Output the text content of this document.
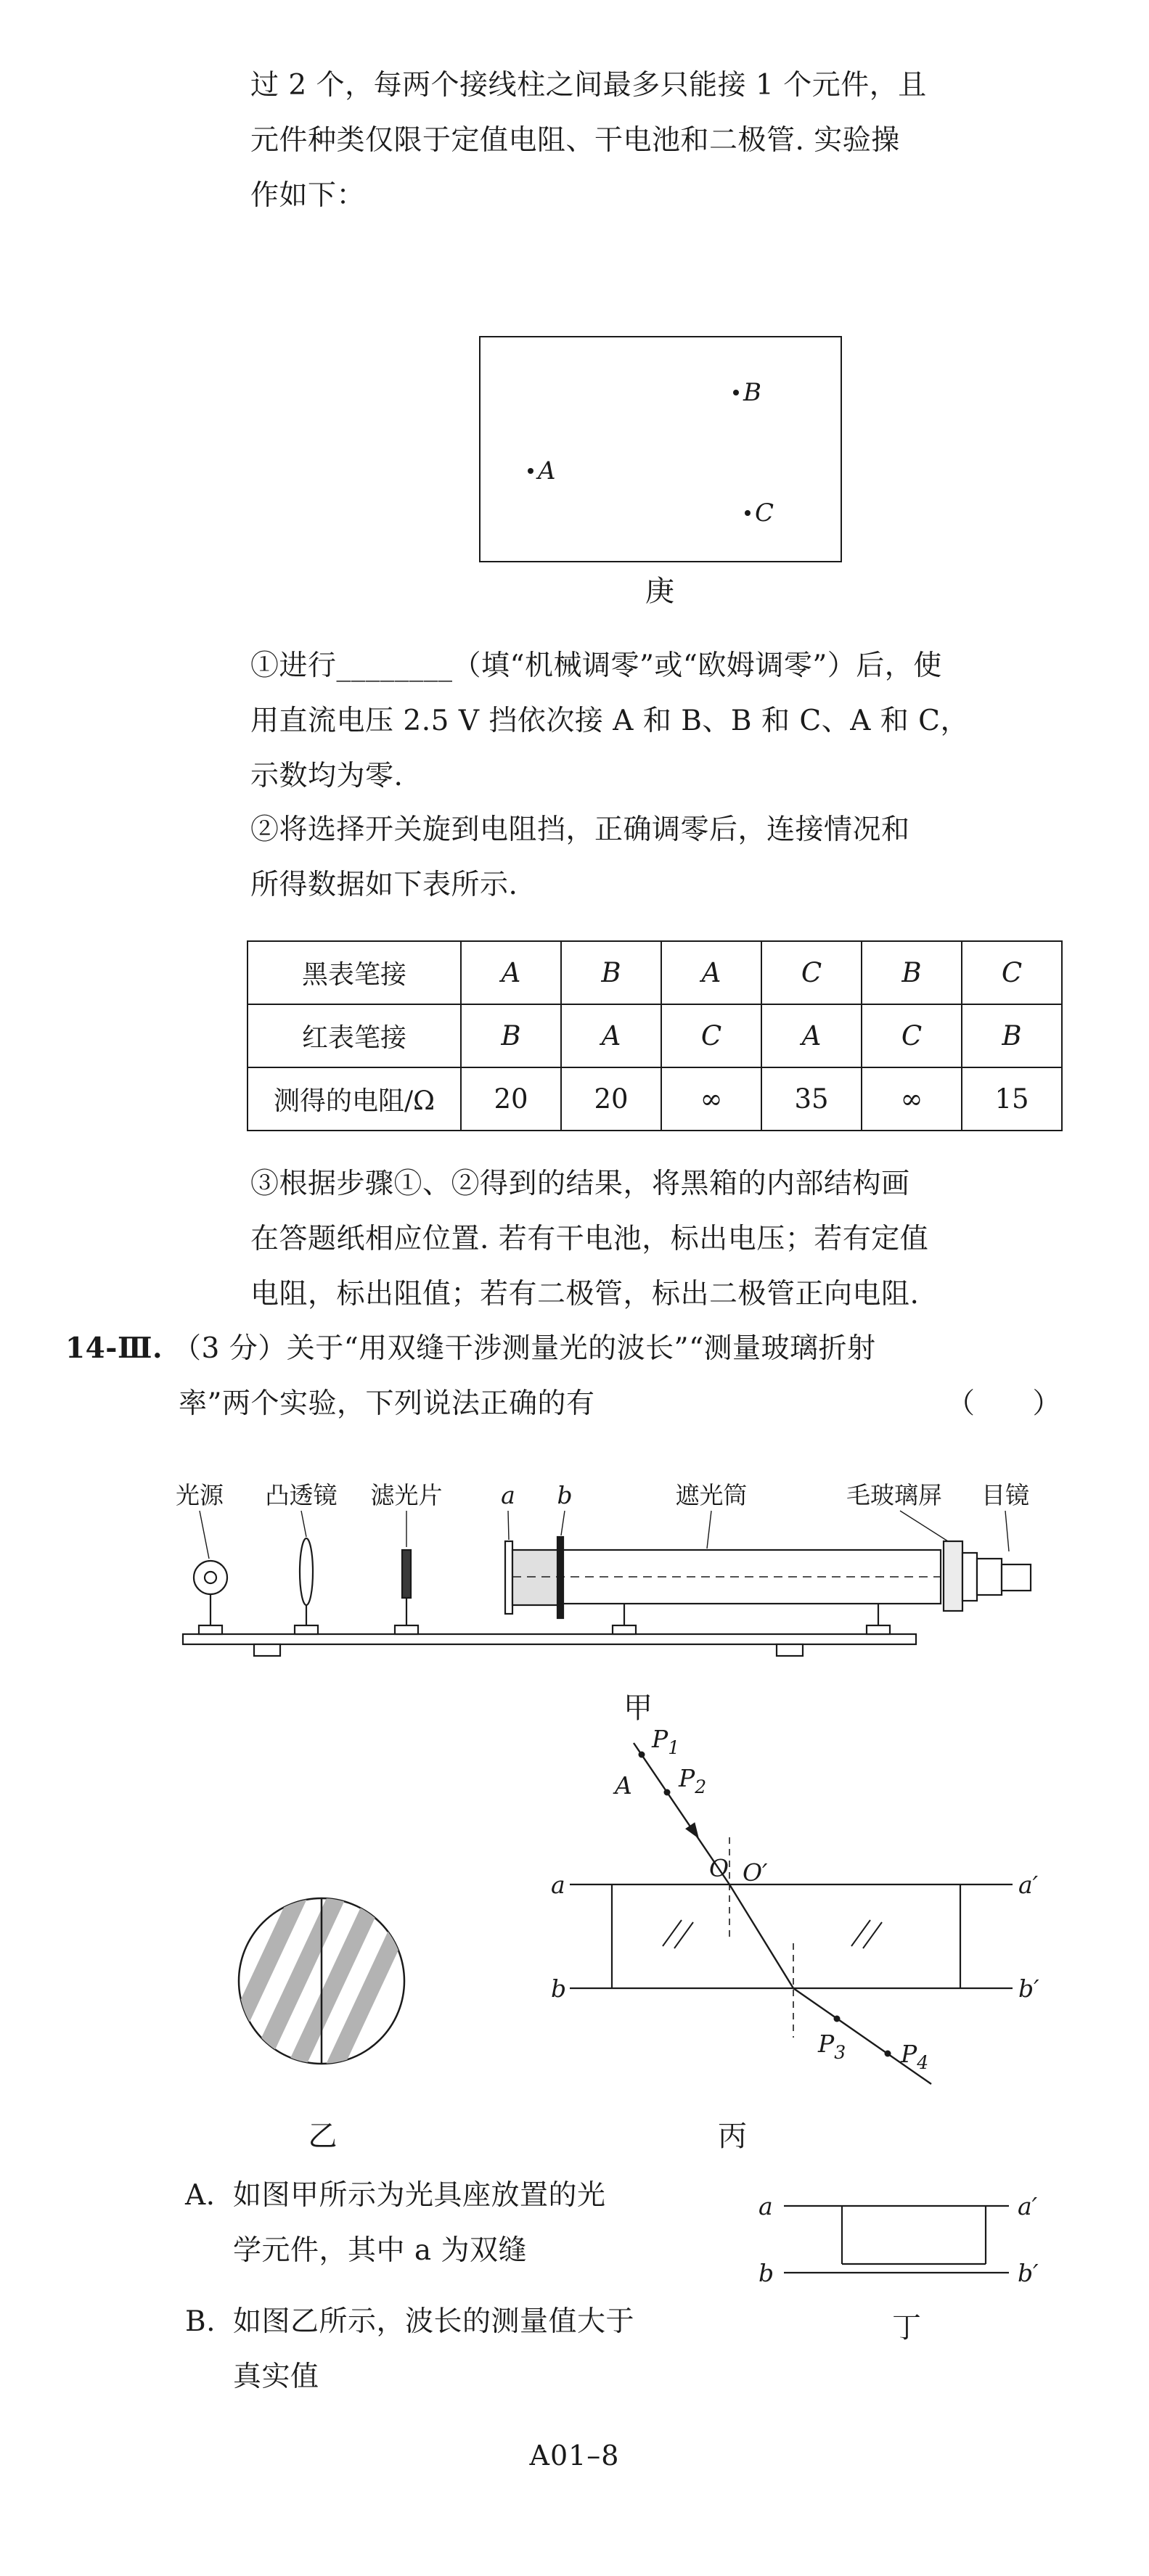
过 2 个，每两个接线柱之间最多只能接 1 个元件，且
元件种类仅限于定值电阻、干电池和二极管. 实验操
作如下：
B
A
C
庚
①进行________（填“机械调零”或“欧姆调零”）后，使
用直流电压 2.5 V 挡依次接 A 和 B、B 和 C、A 和 C，
示数均为零.
②将选择开关旋到电阻挡，正确调零后，连接情况和
所得数据如下表所示.
黑表笔接	A	B	A	C	B	C
红表笔接	B	A	C	A	C	B
测得的电阻/Ω	20	20	∞	35	∞	15
③根据步骤①、②得到的结果，将黑箱的内部结构画
在答题纸相应位置. 若有干电池，标出电压；若有定值
电阻，标出阻值；若有二极管，标出二极管正向电阻.
14-Ⅲ. （3 分）关于“用双缝干涉测量光的波长”“测量玻璃折射
率”两个实验，下列说法正确的有	（　　）
光源 凸透镜 滤光片 a b	遮光筒	毛玻璃屏 目镜
甲
乙
$P_1$
$P_2$
$P_3$ $P_4$
A
O O′
a	a′
b	b′
丙
A. 如图甲所示为光具座放置的光
学元件，其中 a 为双缝
a	a′
b	b′
丁
B. 如图乙所示，波长的测量值大于
真实值
A01–8
